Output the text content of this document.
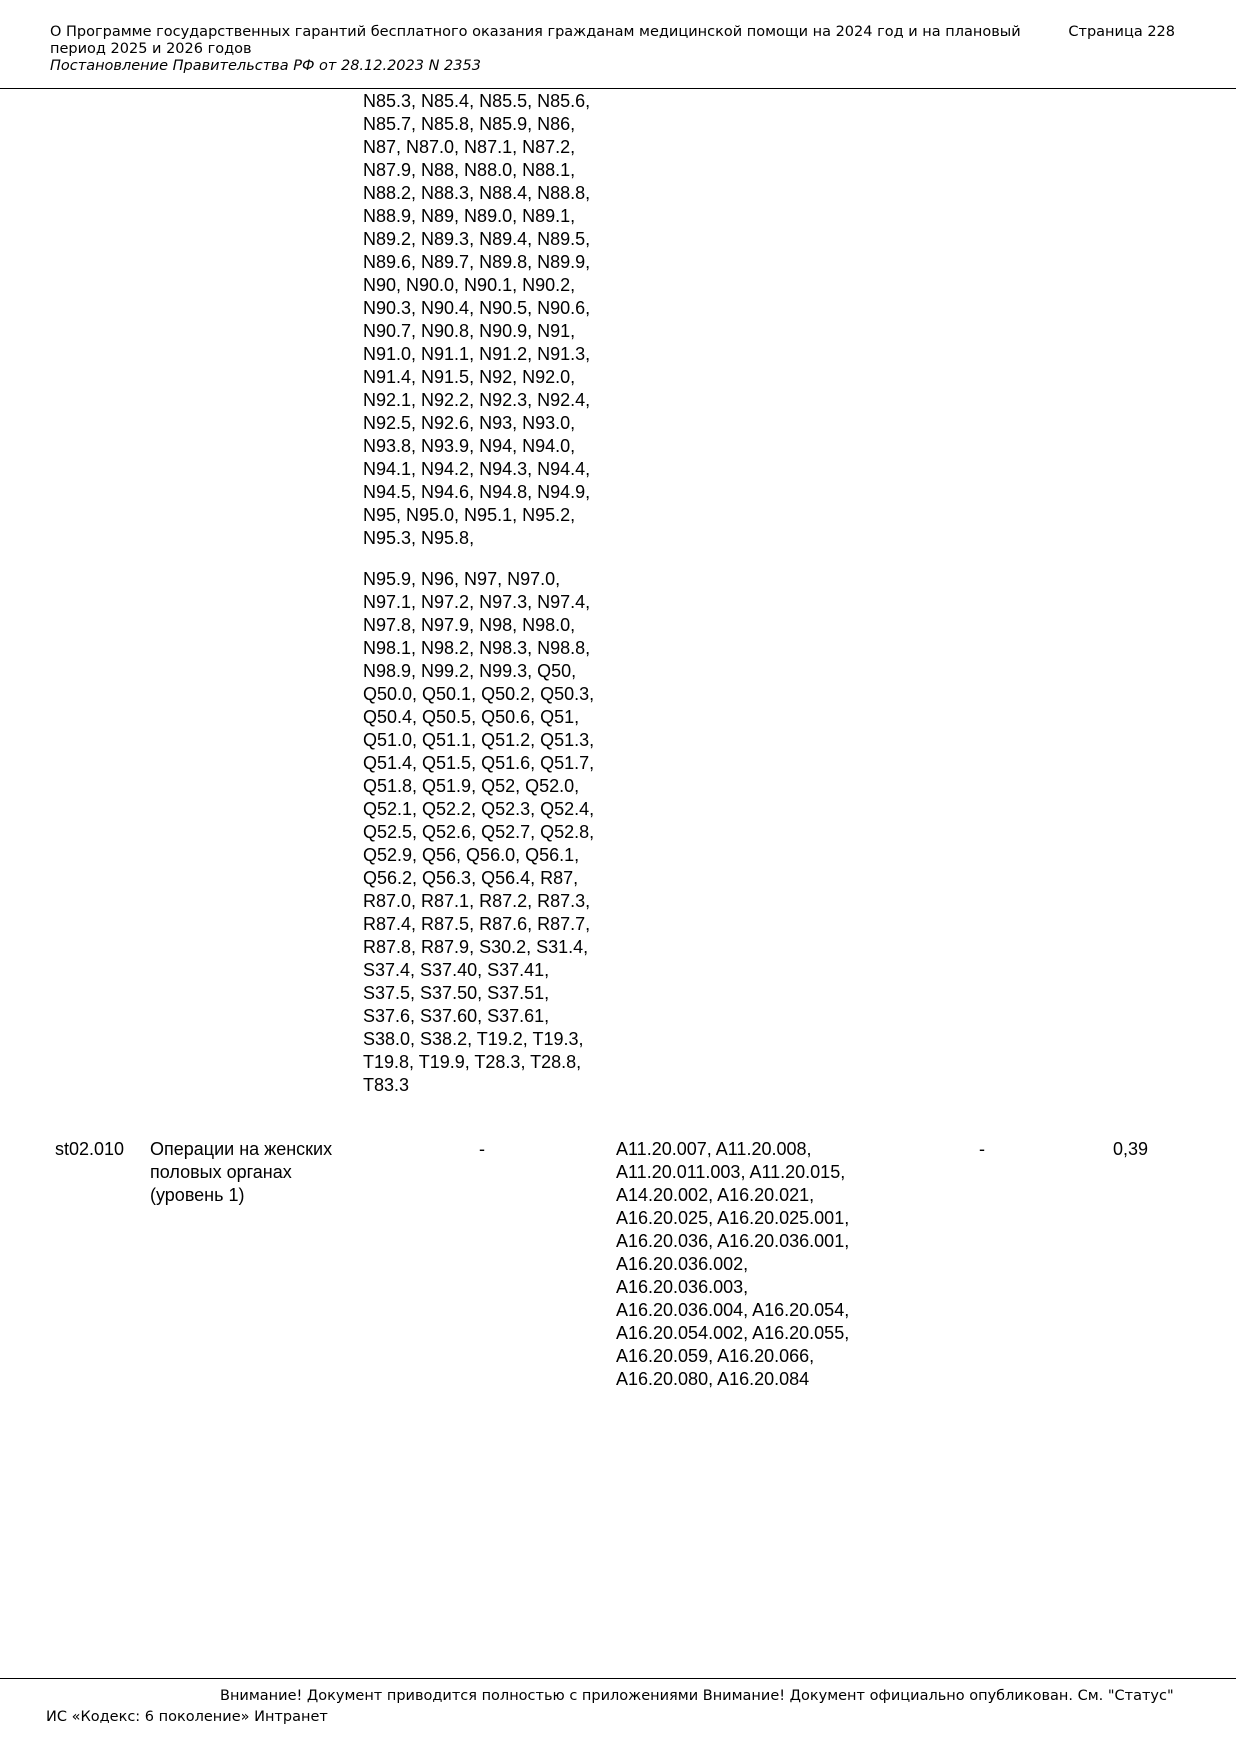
О Программе государственных гарантий бесплатного оказания гражданам медицинской помощи на 2024 год и на плановый период 2025 и 2026 годов
Страница 228
Постановление Правительства РФ от 28.12.2023 N 2353
N85.3, N85.4, N85.5, N85.6,
N85.7, N85.8, N85.9, N86,
N87, N87.0, N87.1, N87.2,
N87.9, N88, N88.0, N88.1,
N88.2, N88.3, N88.4, N88.8,
N88.9, N89, N89.0, N89.1,
N89.2, N89.3, N89.4, N89.5,
N89.6, N89.7, N89.8, N89.9,
N90, N90.0, N90.1, N90.2,
N90.3, N90.4, N90.5, N90.6,
N90.7, N90.8, N90.9, N91,
N91.0, N91.1, N91.2, N91.3,
N91.4, N91.5, N92, N92.0,
N92.1, N92.2, N92.3, N92.4,
N92.5, N92.6, N93, N93.0,
N93.8, N93.9, N94, N94.0,
N94.1, N94.2, N94.3, N94.4,
N94.5, N94.6, N94.8, N94.9,
N95, N95.0, N95.1, N95.2,
N95.3, N95.8,
N95.9, N96, N97, N97.0,
N97.1, N97.2, N97.3, N97.4,
N97.8, N97.9, N98, N98.0,
N98.1, N98.2, N98.3, N98.8,
N98.9, N99.2, N99.3, Q50,
Q50.0, Q50.1, Q50.2, Q50.3,
Q50.4, Q50.5, Q50.6, Q51,
Q51.0, Q51.1, Q51.2, Q51.3,
Q51.4, Q51.5, Q51.6, Q51.7,
Q51.8, Q51.9, Q52, Q52.0,
Q52.1, Q52.2, Q52.3, Q52.4,
Q52.5, Q52.6, Q52.7, Q52.8,
Q52.9, Q56, Q56.0, Q56.1,
Q56.2, Q56.3, Q56.4, R87,
R87.0, R87.1, R87.2, R87.3,
R87.4, R87.5, R87.6, R87.7,
R87.8, R87.9, S30.2, S31.4,
S37.4, S37.40, S37.41,
S37.5, S37.50, S37.51,
S37.6, S37.60, S37.61,
S38.0, S38.2, T19.2, T19.3,
T19.8, T19.9, T28.3, T28.8,
T83.3
st02.010 Операции на женских
половых органах
(уровень 1)
-	A11.20.007, A11.20.008,
A11.20.011.003, A11.20.015,
A14.20.002, A16.20.021,
A16.20.025, A16.20.025.001,
A16.20.036, A16.20.036.001,
A16.20.036.002,
A16.20.036.003,
A16.20.036.004, A16.20.054,
A16.20.054.002, A16.20.055,
A16.20.059, A16.20.066,
A16.20.080, A16.20.084
-	0,39
Внимание! Документ приводится полностью с приложениями Внимание! Документ официально опубликован. См. "Статус"
ИС «Кодекс: 6 поколение» Интранет
